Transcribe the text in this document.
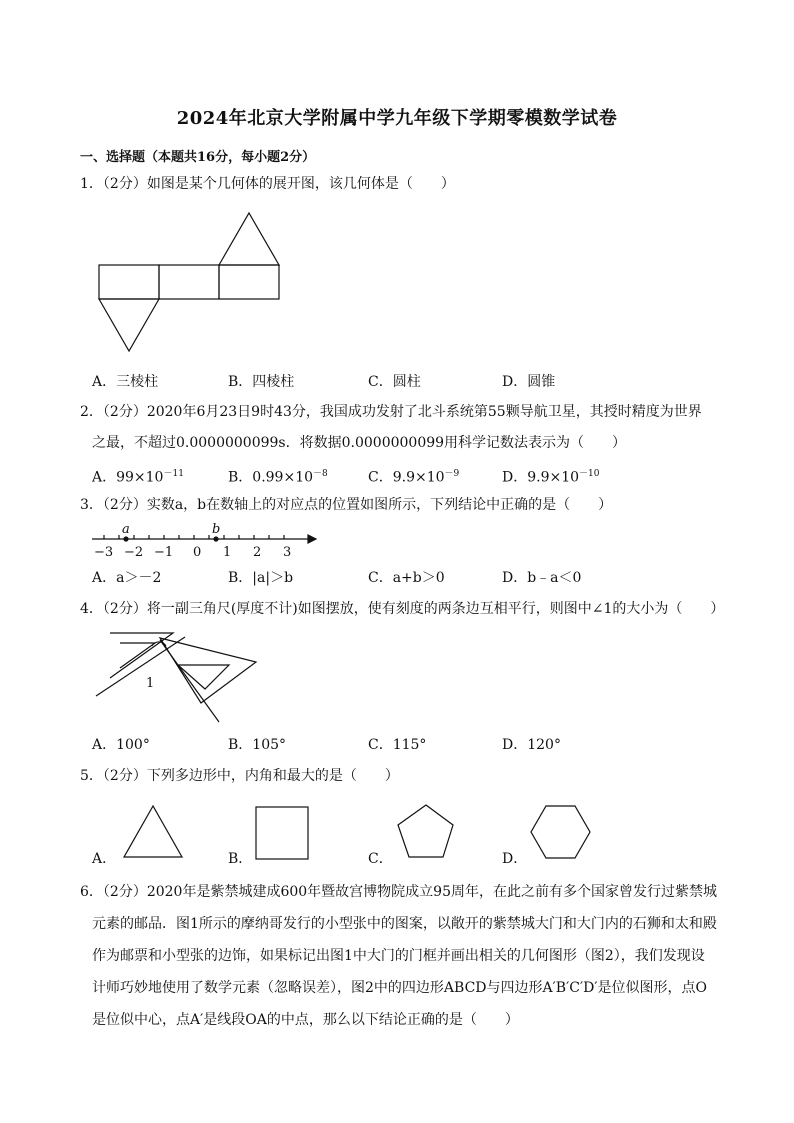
2024年北京大学附属中学九年级下学期零模数学试卷
一、选择题（本题共16分，每小题2分）
1．（2分）如图是某个几何体的展开图，该几何体是（　　）
A．三棱柱	B．四棱柱	C．圆柱	D．圆锥
2．（2分）2020年6月23日9时43分，我国成功发射了北斗系统第55颗导航卫星，其授时精度为世界
之最，不超过0.0000000099s．将数据0.0000000099用科学记数法表示为（　　）
A．$99\times 10^{-11}$	B．$0.99\times 10^{-8}$	C．$9.9\times 10^{-9}$	D．$9.9\times 10^{-10}$
3．（2分）实数a，b在数轴上的对应点的位置如图所示，下列结论中正确的是（　　）
a	b
−3 −2 −1 0 1 2 3
A．a＞－2	B．|a|＞b	C．a+b＞0	D．b﹣a＜0
4．（2分）将一副三角尺(厚度不计)如图摆放，使有刻度的两条边互相平行，则图中∠1的大小为（　　）
1
A．100°	B．105°	C．115°	D．120°
5．（2分）下列多边形中，内角和最大的是（　　）
A．	B．	C．	D．
6．（2分）2020年是紫禁城建成600年暨故宫博物院成立95周年，在此之前有多个国家曾发行过紫禁城
元素的邮品．图1所示的摩纳哥发行的小型张中的图案，以敞开的紫禁城大门和大门内的石狮和太和殿
作为邮票和小型张的边饰，如果标记出图1中大门的门框并画出相关的几何图形（图2），我们发现设
计师巧妙地使用了数学元素（忽略误差），图2中的四边形ABCD与四边形A′B′C′D′是位似图形，点O
是位似中心，点A′是线段OA的中点，那么以下结论正确的是（　　）
